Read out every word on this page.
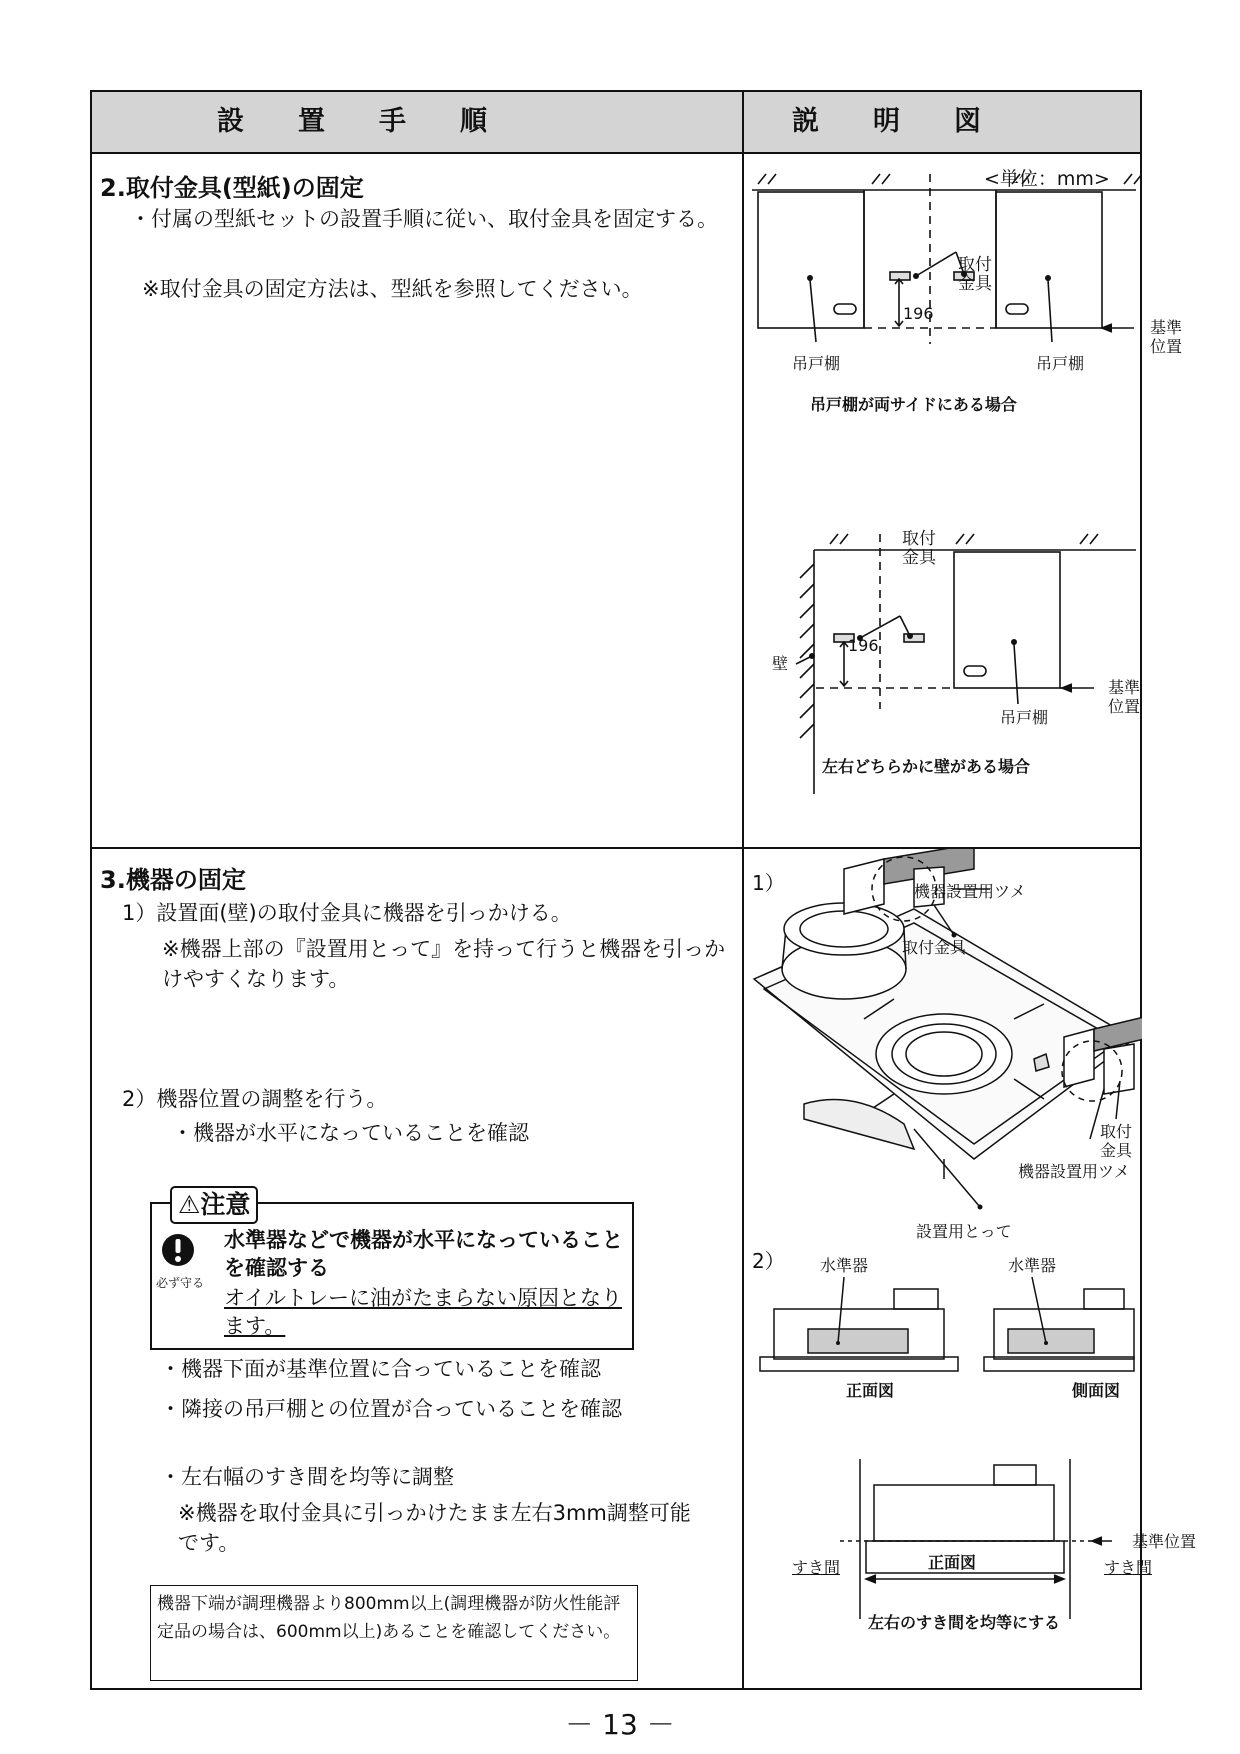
設　　置　　手　　順	説　　明　　図
2.取付金具(型紙)の固定
・付属の型紙セットの設置手順に従い、取付金具を固定する。
※取付金具の固定方法は、型紙を参照してください。
3.機器の固定
1）設置面(壁)の取付金具に機器を引っかける。
※機器上部の『設置用とって』を持って行うと機器を引っかけやすくなります。
2）機器位置の調整を行う。
・機器が水平になっていることを確認
⚠注意
必ず守る
水準器などで機器が水平になっていることを確認する
オイルトレーに油がたまらない原因となります。
・機器下面が基準位置に合っていることを確認
・隣接の吊戸棚との位置が合っていることを確認
・左右幅のすき間を均等に調整
※機器を取付金具に引っかけたまま左右3mm調整可能です。
機器下端が調理機器より800mm以上(調理機器が防火性能評定品の場合は、600mm以上)あることを確認してください。
<単位：mm>
取付
金具
196
吊戸棚	吊戸棚
基準
位置
吊戸棚が両サイドにある場合
取付
金具
196
壁
吊戸棚
基準
位置
左右どちらかに壁がある場合
1）	機器設置用ツメ
取付金具
取付
金具
機器設置用ツメ
設置用とって
2） 水準器	水準器
正面図	側面図
基準位置
正面図
すき間	すき間
左右のすき間を均等にする
－ 13 －
